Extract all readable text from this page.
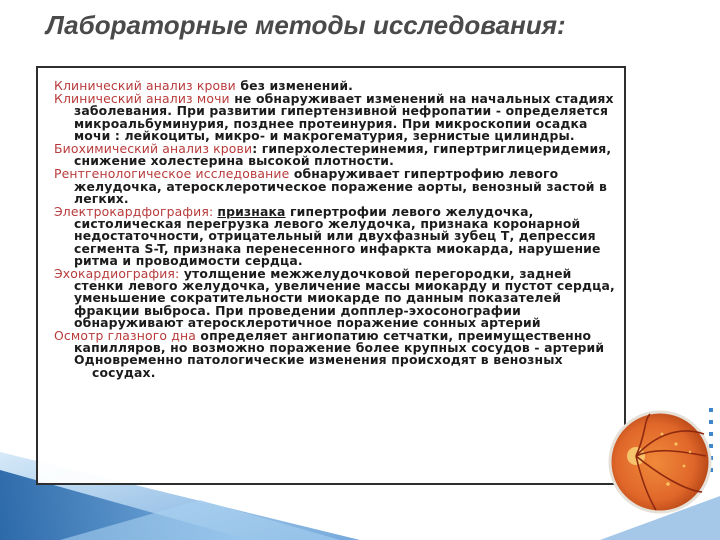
Лабораторные методы исследования:

Клинический анализ крови без изменений.

Клинический анализ мочи не обнаруживает изменений на начальных стадиях заболевания. При развитии гипертензивной нефропатии - определяется микроальбуминурия, позднее протеинурия. При микроскопии осадка мочи : лейкоциты, микро- и макрогематурия, зернистые цилиндры.

Биохимический анализ крови: гиперхолестеринемия, гипертриглицеридемия, снижение холестерина высокой плотности.

Рентгенологическое исследование обнаруживает гипертрофию левого желудочка, атеросклеротическое поражение аорты, венозный застой в легких.

Электрокардфография: признака гипертрофии левого желудочка, систолическая перегрузка левого желудочка, признака коронарной недостаточности, отрицательный или двухфазный зубец Т, депрессия сегмента S-T, признака перенесенного инфаркта миокарда, нарушение ритма и проводимости сердца.

Эхокардиография: утолщение межжелудочковой перегородки, задней стенки левого желудочка, увеличение массы миокарду и пустот сердца, уменьшение сократительности миокарде по данным показателей фракции выброса. При проведении допплер-эхосонографии обнаруживают атеросклеротичное поражение сонных артерий

Осмотр глазного дна определяет ангиопатию сетчатки, преимущественно капилляров, но возможно поражение более крупных сосудов - артерий Одновременно патологические изменения происходят в венозных
сосудах.
